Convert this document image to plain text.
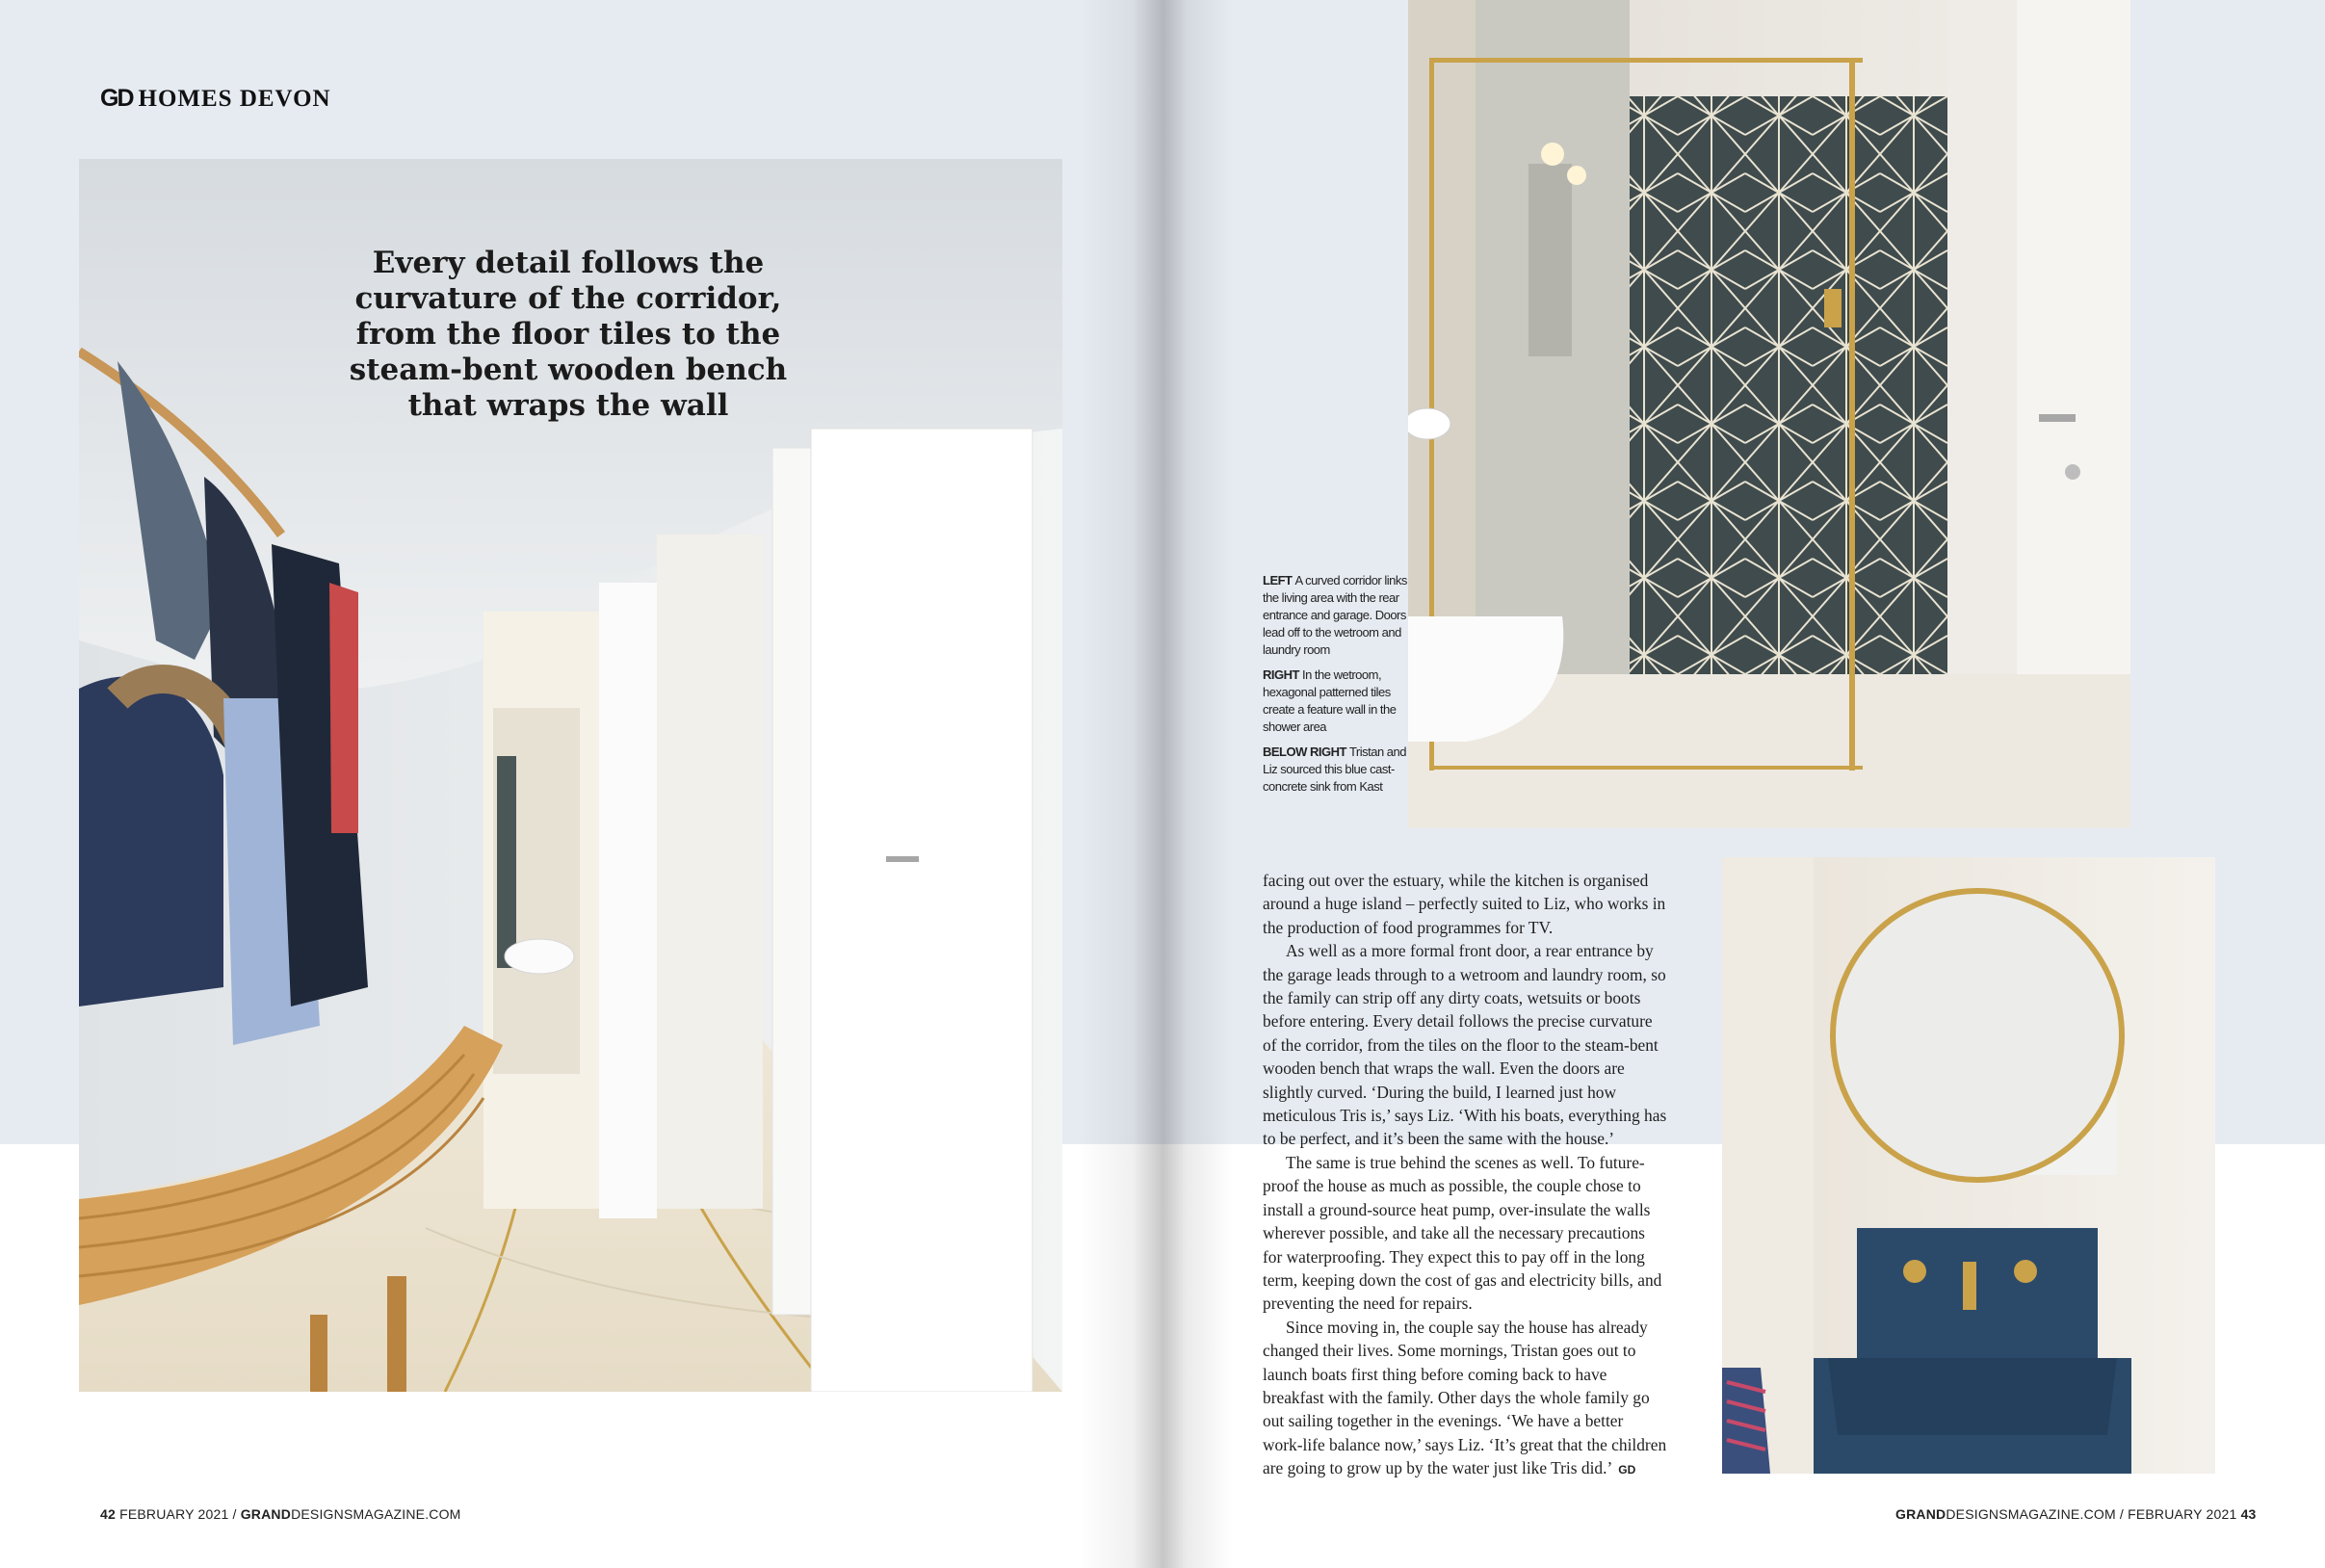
GD HOMES DEVON
Every detail follows the curvature of the corridor, from the floor tiles to the steam-bent wooden bench that wraps the wall

LEFT A curved corridor links the living area with the rear entrance and garage. Doors lead off to the wetroom and laundry room

RIGHT In the wetroom, hexagonal patterned tiles create a feature wall in the shower area

BELOW RIGHT Tristan and Liz sourced this blue cast-concrete sink from Kast

facing out over the estuary, while the kitchen is organised around a huge island – perfectly suited to Liz, who works in the production of food programmes for TV.

As well as a more formal front door, a rear entrance by the garage leads through to a wetroom and laundry room, so the family can strip off any dirty coats, wetsuits or boots before entering. Every detail follows the precise curvature of the corridor, from the tiles on the floor to the steam-bent wooden bench that wraps the wall. Even the doors are slightly curved. ‘During the build, I learned just how meticulous Tris is,’ says Liz. ‘With his boats, everything has to be perfect, and it’s been the same with the house.’

The same is true behind the scenes as well. To future-proof the house as much as possible, the couple chose to install a ground-source heat pump, over-insulate the walls wherever possible, and take all the necessary precautions for waterproofing. They expect this to pay off in the long term, keeping down the cost of gas and electricity bills, and preventing the need for repairs.

Since moving in, the couple say the house has already changed their lives. Some mornings, Tristan goes out to launch boats first thing before coming back to have breakfast with the family. Other days the whole family go out sailing together in the evenings. ‘We have a better work-life balance now,’ says Liz. ‘It’s great that the children are going to grow up by the water just like Tris did.’ GD

42 FEBRUARY 2021 / GRANDDESIGNSMAGAZINE.COM	GRANDDESIGNSMAGAZINE.COM / FEBRUARY 2021 43
